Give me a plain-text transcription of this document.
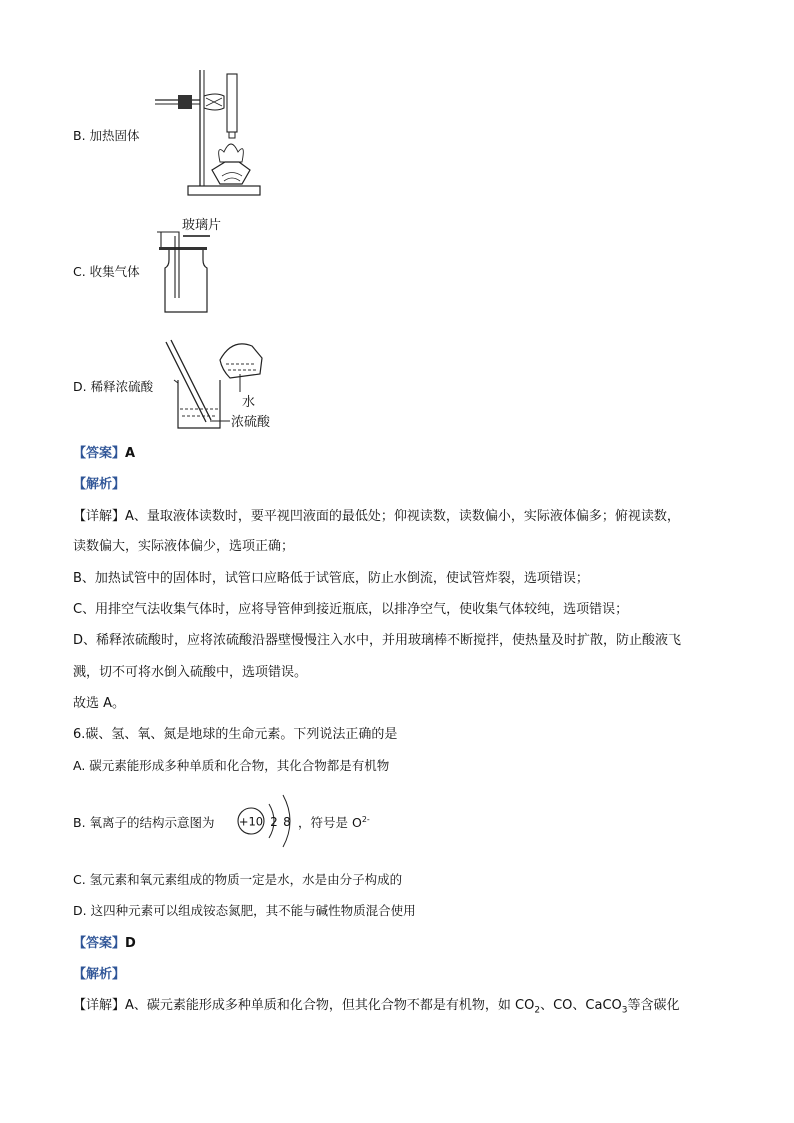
B. 加热固体
玻璃片
C. 收集气体
水
浓硫酸
D. 稀释浓硫酸
【答案】A
【解析】
【详解】A、量取液体读数时，要平视凹液面的最低处；仰视读数，读数偏小，实际液体偏多；俯视读数，
读数偏大，实际液体偏少，选项正确；
B、加热试管中的固体时，试管口应略低于试管底，防止水倒流，使试管炸裂，选项错误；
C、用排空气法收集气体时，应将导管伸到接近瓶底，以排净空气，使收集气体较纯，选项错误；
D、稀释浓硫酸时，应将浓硫酸沿器壁慢慢注入水中，并用玻璃棒不断搅拌，使热量及时扩散，防止酸液飞
溅，切不可将水倒入硫酸中，选项错误。
故选 A。
6.碳、氢、氧、氮是地球的生命元素。下列说法正确的是
A. 碳元素能形成多种单质和化合物，其化合物都是有机物
B. 氧离子的结构示意图为 +10 2 8 ，符号是 $O^{2-}$
C. 氢元素和氧元素组成的物质一定是水，水是由分子构成的
D. 这四种元素可以组成铵态氮肥，其不能与碱性物质混合使用
【答案】D
【解析】
【详解】A、碳元素能形成多种单质和化合物，但其化合物不都是有机物，如 $CO_2$、CO、CaCO$_3$等含碳化
